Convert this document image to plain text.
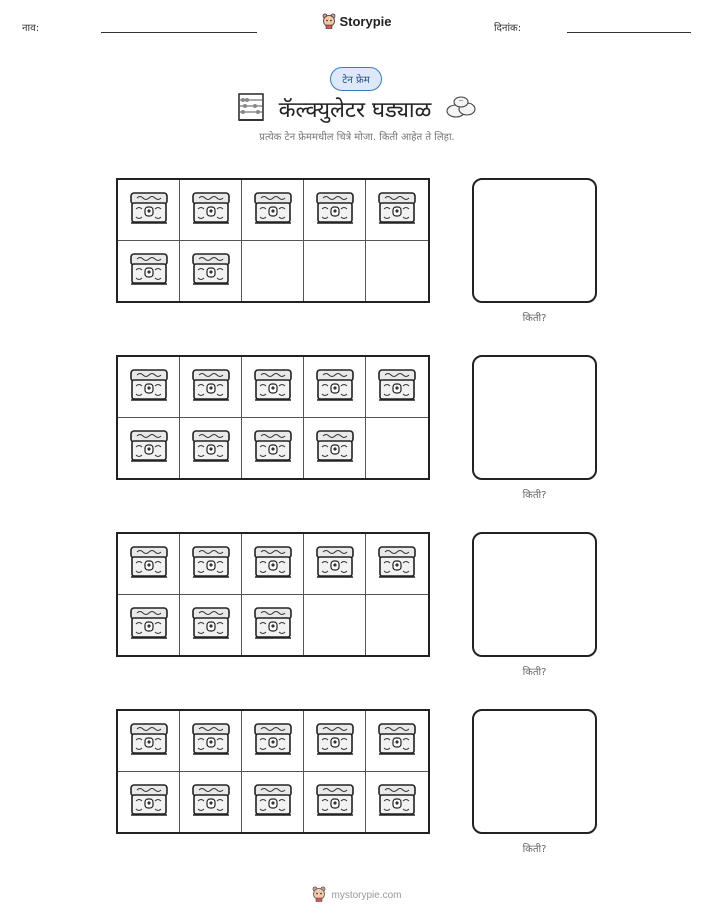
नाव:	Storypie	दिनांक:
टेन फ्रेम
कॅल्क्युलेटर घड्याळ
प्रत्येक टेन फ्रेममधील चित्रे मोजा. किती आहेत ते लिहा.
किती?
किती?
किती?
किती?
mystorypie.com
